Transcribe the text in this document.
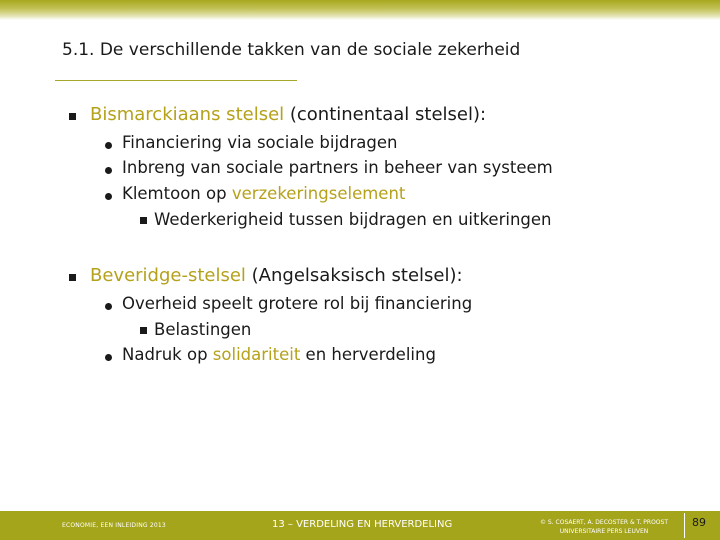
5.1. De verschillende takken van de sociale zekerheid
Bismarckiaans stelsel (continentaal stelsel):
Financiering via sociale bijdragen
Inbreng van sociale partners in beheer van systeem
Klemtoon op verzekeringselement
Wederkerigheid tussen bijdragen en uitkeringen
Beveridge-stelsel (Angelsaksisch stelsel):
Overheid speelt grotere rol bij financiering
Belastingen
Nadruk op solidariteit en herverdeling
ECONOMIE, EEN INLEIDING 2013	13 – VERDELING EN HERVERDELING	© S. COSAERT, A. DECOSTER & T. PROOST
UNIVERSITAIRE PERS LEUVEN
89
